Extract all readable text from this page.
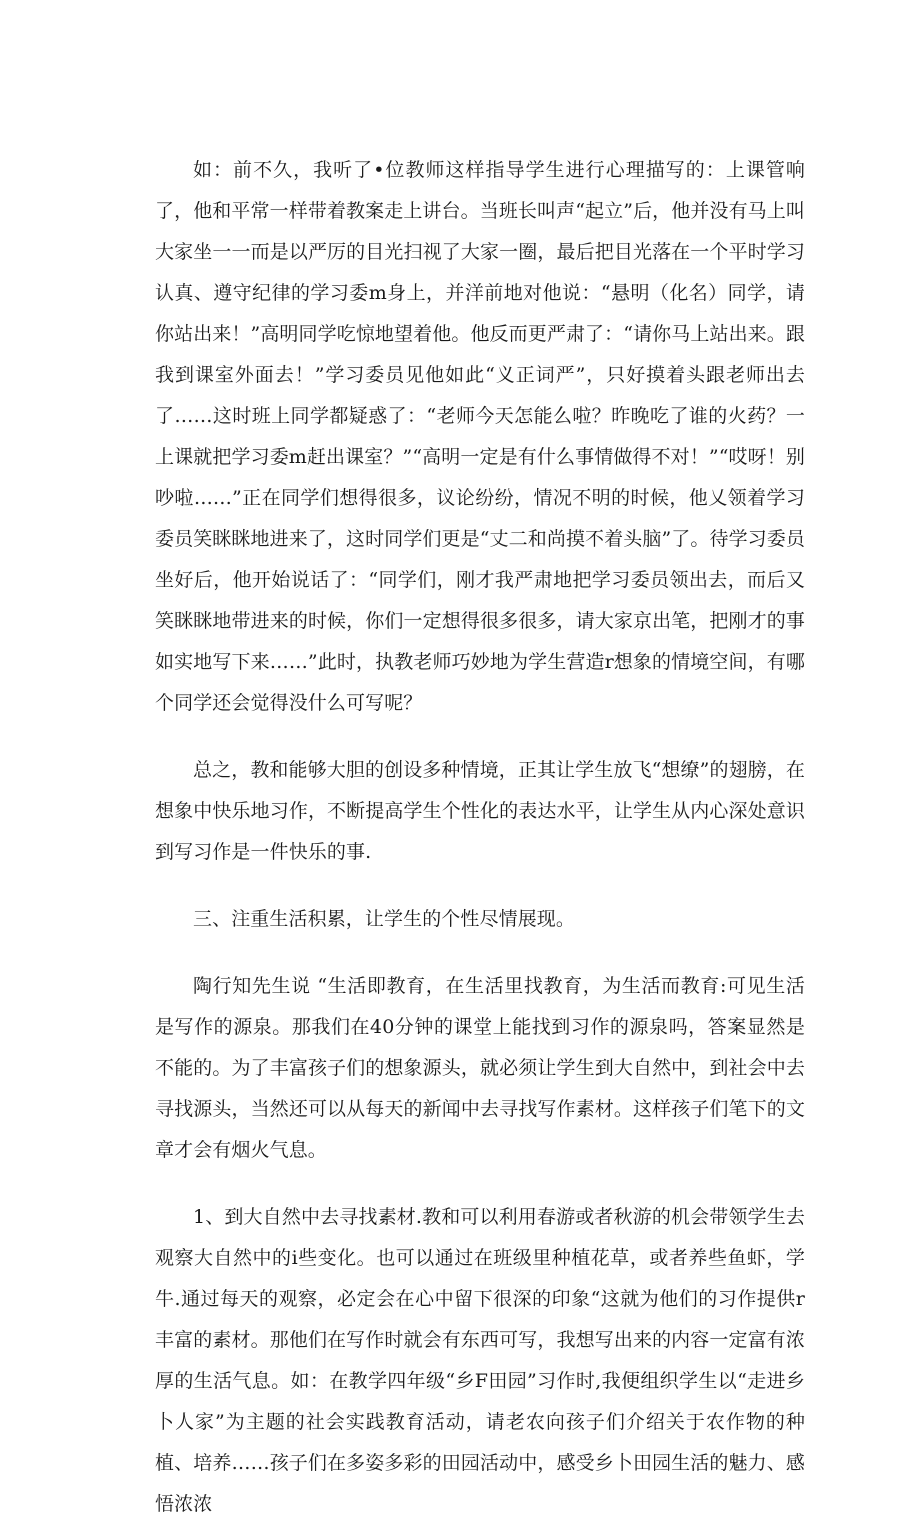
如：前不久，我听了•位教师这样指导学生进行心理描写的：上课管响了，他和平常一样带着教案走上讲台。当班长叫声“起立”后，他并没有马上叫大家坐一一而是以严厉的目光扫视了大家一圈，最后把目光落在一个平时学习认真、遵守纪律的学习委m身上，并洋前地对他说：“悬明（化名）同学，请你站出来！”高明同学吃惊地望着他。他反而更严肃了：“请你马上站出来。跟我到课室外面去！”学习委员见他如此“义正词严”，只好摸着头跟老师出去了……这时班上同学都疑惑了：“老师今天怎能么啦？昨晚吃了谁的火药？一上课就把学习委m赶出课室？”“高明一定是有什么事情做得不对！”“哎呀！别吵啦……”正在同学们想得很多，议论纷纷，情况不明的时候，他乂领着学习委员笑眯眯地进来了，这时同学们更是“丈二和尚摸不着头脑”了。待学习委员坐好后，他开始说话了：“同学们，刚才我严肃地把学习委员领出去，而后又笑眯眯地带进来的时候，你们一定想得很多很多，请大家京出笔，把刚才的事如实地写下来……”此时，执教老师巧妙地为学生营造r想象的情境空间，有哪个同学还会觉得没什么可写呢？

总之，教和能够大胆的创设多种情境，正其让学生放飞“想缭”的翅膀，在想象中快乐地习作，不断提高学生个性化的表达水平，让学生从内心深处意识到写习作是一件快乐的事.

三、注重生活积累，让学生的个性尽情展现。

陶行知先生说 “生活即教育，在生活里找教育，为生活而教育:可见生活是写作的源泉。那我们在40分钟的课堂上能找到习作的源泉吗，答案显然是不能的。为了丰富孩子们的想象源头，就必须让学生到大自然中，到社会中去寻找源头，当然还可以从每天的新闻中去寻找写作素材。这样孩子们笔下的文章才会有烟火气息。

1、到大自然中去寻找素材.教和可以利用春游或者秋游的机会带领学生去观察大自然中的i些变化。也可以通过在班级里种植花草，或者养些鱼虾，学牛.通过每天的观察，必定会在心中留下很深的印象“这就为他们的习作提供r丰富的素材。那他们在写作时就会有东西可写，我想写出来的内容一定富有浓厚的生活气息。如：在教学四年级“乡F田园”习作时,我便组织学生以“走进乡卜人家”为主题的社会实践教育活动，请老农向孩子们介绍关于农作物的种植、培养……孩子们在多姿多彩的田园活动中，感受乡卜田园生活的魅力、感悟浓浓
